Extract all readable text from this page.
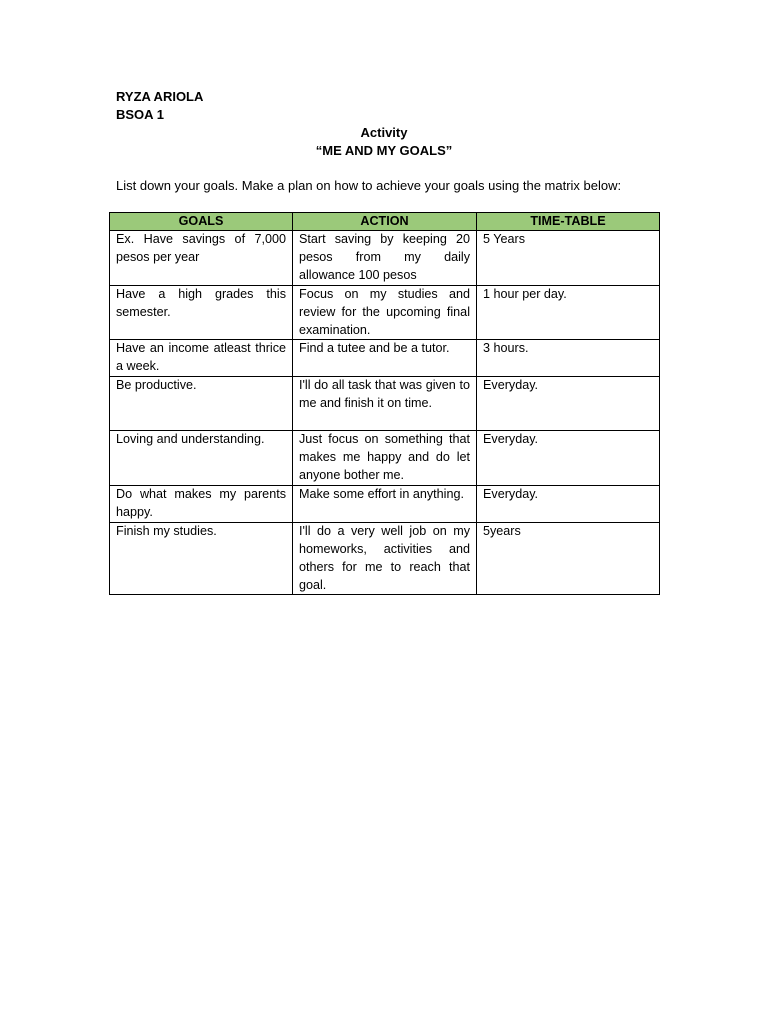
RYZA ARIOLA
BSOA 1
Activity
“ME AND MY GOALS”
List down your goals. Make a plan on how to achieve your goals using the matrix below:
GOALS	ACTION	TIME-TABLE
Ex. Have savings of 7,000 pesos per year	Start saving by keeping 20 pesos from my daily allowance 100 pesos	5 Years
Have a high grades this semester.	Focus on my studies and review for the upcoming final examination.	1 hour per day.
Have an income atleast thrice a week.	Find a tutee and be a tutor.	3 hours.
Be productive.	I'll do all task that was given to me and finish it on time.	Everyday.
Loving and understanding.	Just focus on something that makes me happy and do let anyone bother me.	Everyday.
Do what makes my parents happy.	Make some effort in anything.	Everyday.
Finish my studies.	I'll do a very well job on my homeworks, activities and others for me to reach that goal.	5years
